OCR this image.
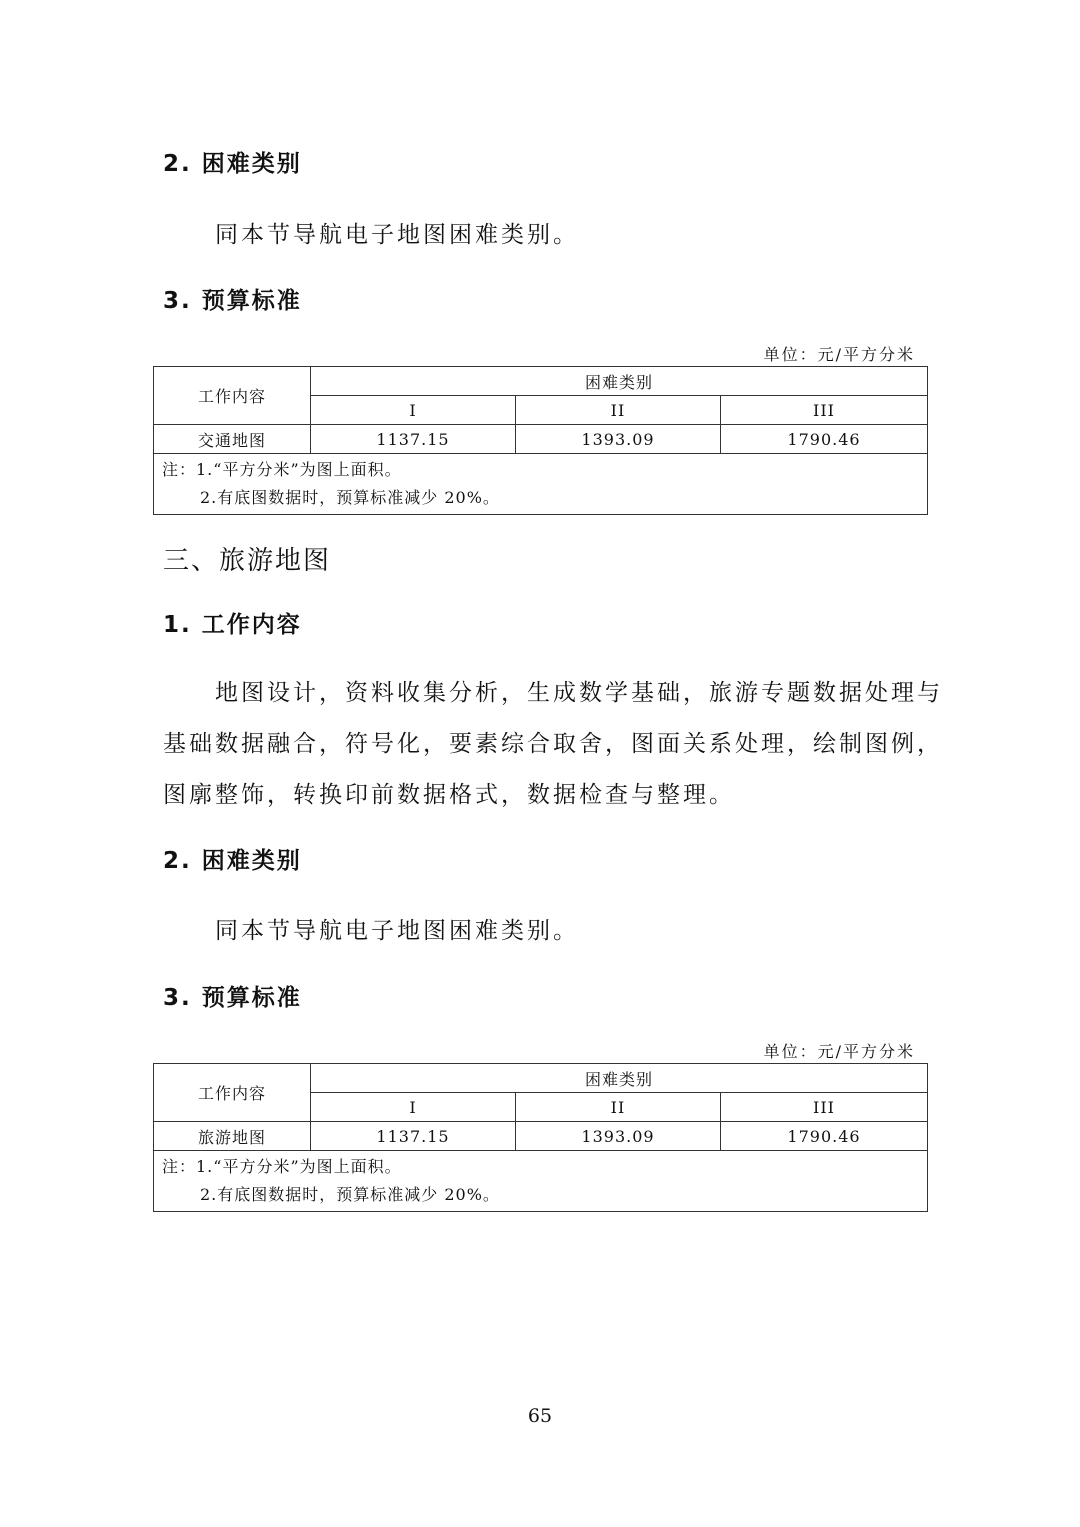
2. 困难类别
同本节导航电子地图困难类别。
3. 预算标准
单位：元/平方分米
工作内容	困难类别		
	I	II	III
交通地图	1137.15	1393.09	1790.46

注：1.“平方分米”为图上面积。
2.有底图数据时，预算标准减少 20%。			
三、旅游地图
1. 工作内容
地图设计，资料收集分析，生成数学基础，旅游专题数据处理与
基础数据融合，符号化，要素综合取舍，图面关系处理，绘制图例，
图廓整饰，转换印前数据格式，数据检查与整理。
2. 困难类别
同本节导航电子地图困难类别。
3. 预算标准
单位：元/平方分米
工作内容	困难类别		
	I	II	III
旅游地图	1137.15	1393.09	1790.46

注：1.“平方分米”为图上面积。
2.有底图数据时，预算标准减少 20%。			
65
